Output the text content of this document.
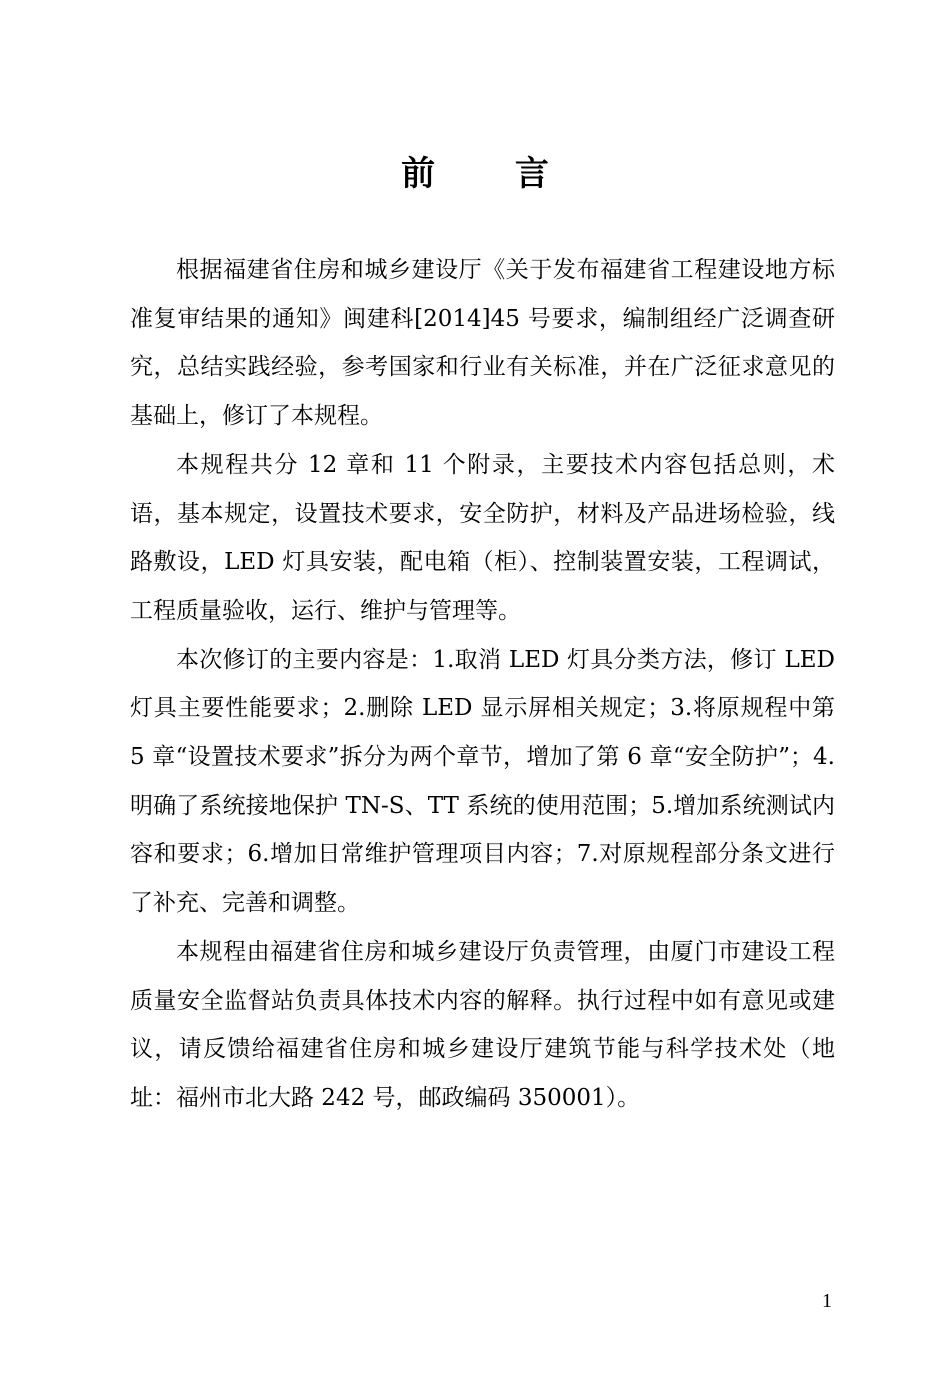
前 言

根据福建省住房和城乡建设厅《关于发布福建省工程建设地方标准复审结果的通知》闽建科[2014]45 号要求，编制组经广泛调查研究，总结实践经验，参考国家和行业有关标准，并在广泛征求意见的基础上，修订了本规程。

本规程共分 12 章和 11 个附录，主要技术内容包括总则，术语，基本规定，设置技术要求，安全防护，材料及产品进场检验，线路敷设，LED 灯具安装，配电箱（柜）、控制装置安装，工程调试，工程质量验收，运行、维护与管理等。

本次修订的主要内容是：1.取消 LED 灯具分类方法，修订 LED 灯具主要性能要求；2.删除 LED 显示屏相关规定；3.将原规程中第 5 章“设置技术要求”拆分为两个章节，增加了第 6 章“安全防护”；4.明确了系统接地保护 TN-S、TT 系统的使用范围；5.增加系统测试内容和要求；6.增加日常维护管理项目内容；7.对原规程部分条文进行了补充、完善和调整。

本规程由福建省住房和城乡建设厅负责管理，由厦门市建设工程质量安全监督站负责具体技术内容的解释。执行过程中如有意见或建议，请反馈给福建省住房和城乡建设厅建筑节能与科学技术处（地址：福州市北大路 242 号，邮政编码 350001）。

1
